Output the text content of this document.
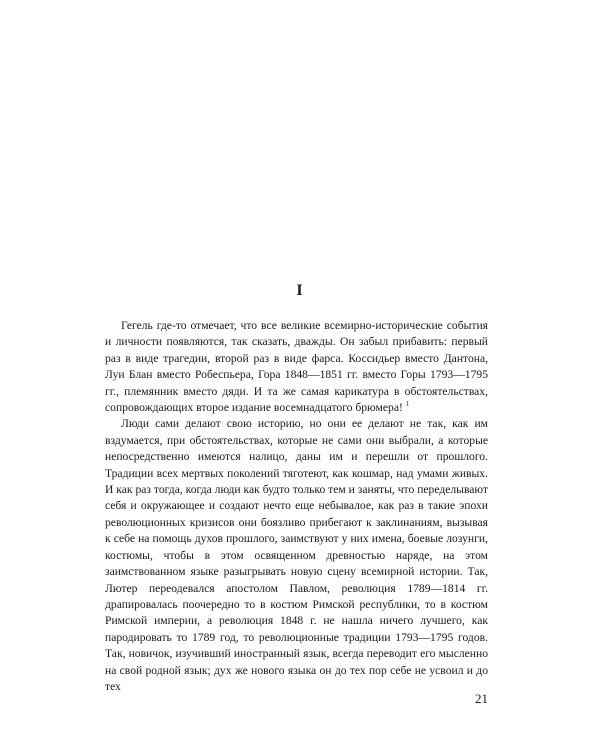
I

Гегель где-то отмечает, что все великие всемирно-исторические события и личности появляются, так сказать, дважды. Он забыл прибавить: первый раз в виде трагедии, второй раз в виде фарса. Коссидьер вместо Дантона, Луи Блан вместо Робеспьера, Гора 1848—1851 гг. вместо Горы 1793—1795 гг., племянник вместо дяди. И та же самая карикатура в обстоятельствах, сопровождающих второе издание восемнадцатого брюмера! $^1$

Люди сами делают свою историю, но они ее делают не так, как им вздумается, при обстоятельствах, которые не сами они выбрали, а которые непосредственно имеются налицо, даны им и перешли от прошлого. Традиции всех мертвых поколений тяготеют, как кошмар, над умами живых. И как раз тогда, когда люди как будто только тем и заняты, что переделывают себя и окружающее и создают нечто еще небывалое, как раз в такие эпохи революционных кризисов они боязливо прибегают к заклинаниям, вызывая к себе на помощь духов прошлого, заимствуют у них имена, боевые лозунги, костюмы, чтобы в этом освященном древностью наряде, на этом заимствованном языке разыгрывать новую сцену всемирной истории. Так, Лютер переодевался апостолом Павлом, революция 1789—1814 гг. драпировалась поочередно то в костюм Римской республики, то в костюм Римской империи, а революция 1848 г. не нашла ничего лучшего, как пародировать то 1789 год, то революционные традиции 1793—1795 годов. Так, новичок, изучивший иностранный язык, всегда переводит его мысленно на свой родной язык; дух же нового языка он до тех пор себе не усвоил и до тех

21
